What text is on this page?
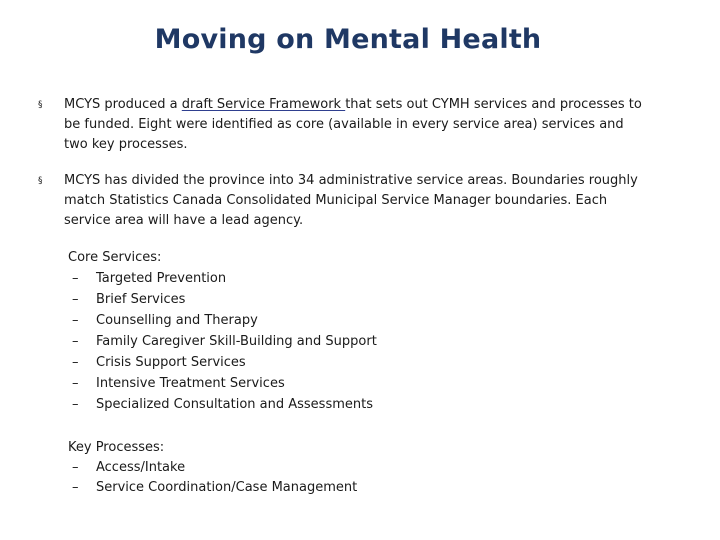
Moving on Mental Health
§ MCYS produced a draft Service Framework that sets out CYMH services and processes to be funded. Eight were identified as core (available in every service area) services and two key processes.
§ MCYS has divided the province into 34 administrative service areas. Boundaries roughly match Statistics Canada Consolidated Municipal Service Manager boundaries. Each service area will have a lead agency.
Core Services:
– Targeted Prevention
– Brief Services
– Counselling and Therapy
– Family Caregiver Skill-Building and Support
– Crisis Support Services
– Intensive Treatment Services
– Specialized Consultation and Assessments
Key Processes:
– Access/Intake
– Service Coordination/Case Management
